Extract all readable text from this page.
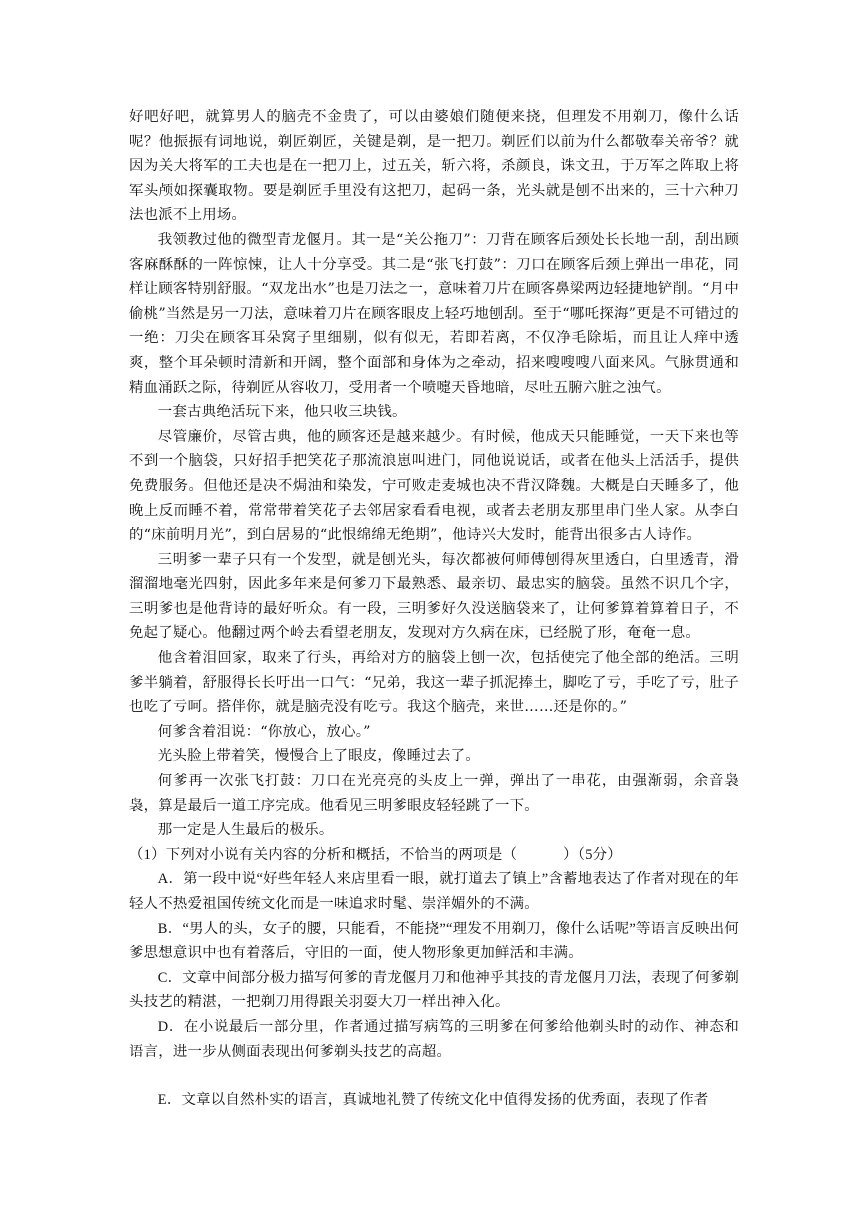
好吧好吧，就算男人的脑壳不金贵了，可以由婆娘们随便来挠，但理发不用剃刀，像什么话呢？他振振有词地说，剃匠剃匠，关键是剃，是一把刀。剃匠们以前为什么都敬奉关帝爷？就因为关大将军的工夫也是在一把刀上，过五关，斩六将，杀颜良，诛文丑，于万军之阵取上将军头颅如探囊取物。要是剃匠手里没有这把刀，起码一条，光头就是刨不出来的，三十六种刀法也派不上用场。

我领教过他的微型青龙偃月。其一是“关公拖刀”：刀背在顾客后颈处长长地一刮，刮出顾客麻酥酥的一阵惊悚，让人十分享受。其二是“张飞打鼓”：刀口在顾客后颈上弹出一串花，同样让顾客特别舒服。“双龙出水”也是刀法之一，意味着刀片在顾客鼻梁两边轻捷地铲削。“月中偷桃”当然是另一刀法，意味着刀片在顾客眼皮上轻巧地刨刮。至于“哪吒探海”更是不可错过的一绝：刀尖在顾客耳朵窝子里细剔，似有似无，若即若离，不仅净毛除垢，而且让人痒中透爽，整个耳朵顿时清新和开阔，整个面部和身体为之牵动，招来嗖嗖嗖八面来风。气脉贯通和精血涌跃之际，待剃匠从容收刀，受用者一个喷嚏天昏地暗，尽吐五腑六脏之浊气。

一套古典绝活玩下来，他只收三块钱。

尽管廉价，尽管古典，他的顾客还是越来越少。有时候，他成天只能睡觉，一天下来也等不到一个脑袋，只好招手把笑花子那流浪崽叫进门，同他说说话，或者在他头上活活手，提供免费服务。但他还是决不焗油和染发，宁可败走麦城也决不背汉降魏。大概是白天睡多了，他晚上反而睡不着，常常带着笑花子去邻居家看看电视，或者去老朋友那里串门坐人家。从李白的“床前明月光”，到白居易的“此恨绵绵无绝期”，他诗兴大发时，能背出很多古人诗作。

三明爹一辈子只有一个发型，就是刨光头，每次都被何师傅刨得灰里透白，白里透青，滑溜溜地毫光四射，因此多年来是何爹刀下最熟悉、最亲切、最忠实的脑袋。虽然不识几个字，三明爹也是他背诗的最好听众。有一段，三明爹好久没送脑袋来了，让何爹算着算着日子，不免起了疑心。他翻过两个岭去看望老朋友，发现对方久病在床，已经脱了形，奄奄一息。

他含着泪回家，取来了行头，再给对方的脑袋上刨一次，包括使完了他全部的绝活。三明爹半躺着，舒服得长长吁出一口气：“兄弟，我这一辈子抓泥捧土，脚吃了亏，手吃了亏，肚子也吃了亏呵。搭伴你，就是脑壳没有吃亏。我这个脑壳，来世……还是你的。”

何爹含着泪说：“你放心，放心。”

光头脸上带着笑，慢慢合上了眼皮，像睡过去了。

何爹再一次张飞打鼓：刀口在光亮亮的头皮上一弹，弹出了一串花，由强渐弱，余音袅袅，算是最后一道工序完成。他看见三明爹眼皮轻轻跳了一下。

那一定是人生最后的极乐。

（1）下列对小说有关内容的分析和概括，不恰当的两项是（	）（5分）

A．第一段中说“好些年轻人来店里看一眼，就打道去了镇上”含蓄地表达了作者对现在的年轻人不热爱祖国传统文化而是一味追求时髦、崇洋媚外的不满。

B．“男人的头，女子的腰，只能看，不能挠”“理发不用剃刀，像什么话呢”等语言反映出何爹思想意识中也有着落后，守旧的一面，使人物形象更加鲜活和丰满。

C．文章中间部分极力描写何爹的青龙偃月刀和他神乎其技的青龙偃月刀法，表现了何爹剃头技艺的精湛，一把剃刀用得跟关羽耍大刀一样出神入化。

D．在小说最后一部分里，作者通过描写病笃的三明爹在何爹给他剃头时的动作、神态和语言，进一步从侧面表现出何爹剃头技艺的高超。

E．文章以自然朴实的语言，真诚地礼赞了传统文化中值得发扬的优秀面，表现了作者
